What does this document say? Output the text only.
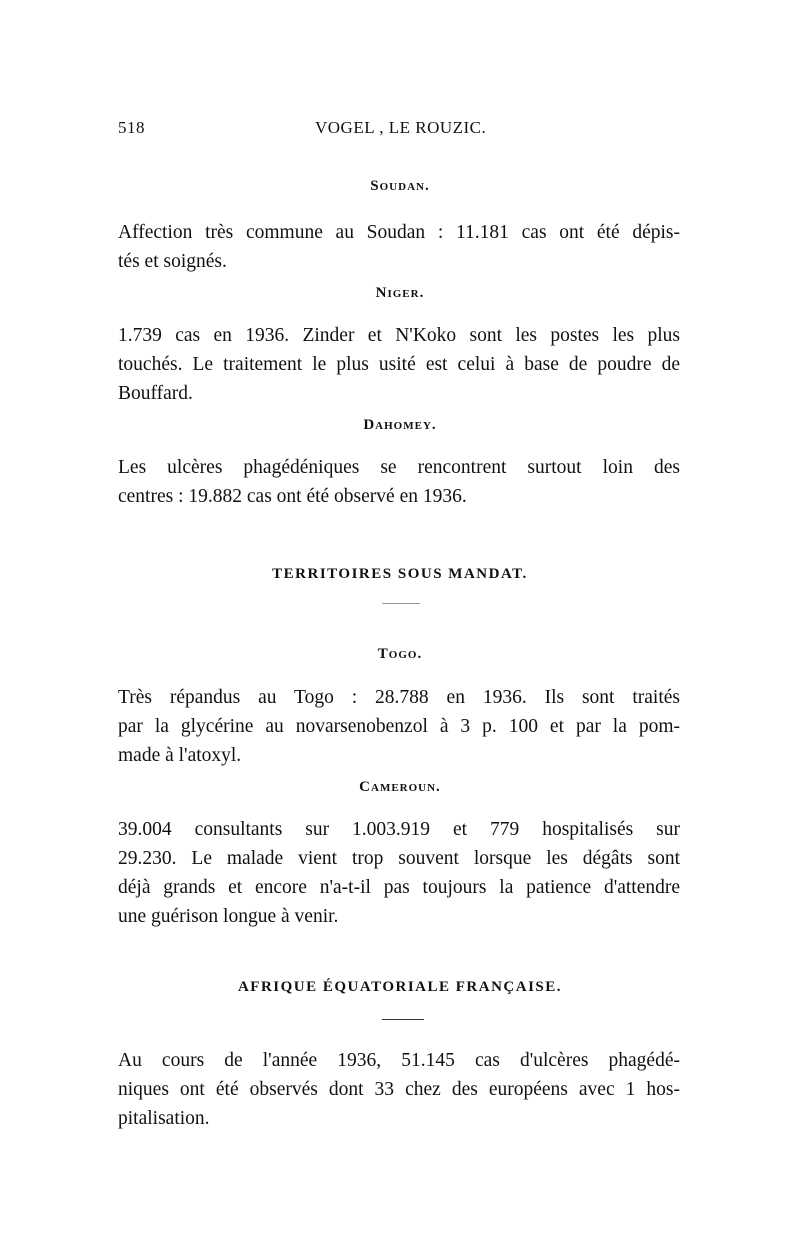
518	VOGEL , LE ROUZIC.
Soudan.
Affection très commune au Soudan : 11.181 cas ont été dépis-
tés et soignés.
Niger.
1.739 cas en 1936. Zinder et N'Koko sont les postes les plus
touchés. Le traitement le plus usité est celui à base de poudre de
Bouffard.
Dahomey.
Les ulcères phagédéniques se rencontrent surtout loin des
centres : 19.882 cas ont été observé en 1936.
TERRITOIRES SOUS MANDAT.
Togo.
Très répandus au Togo : 28.788 en 1936. Ils sont traités
par la glycérine au novarsenobenzol à 3 p. 100 et par la pom-
made à l'atoxyl.
Cameroun.
39.004 consultants sur 1.003.919 et 779 hospitalisés sur
29.230. Le malade vient trop souvent lorsque les dégâts sont
déjà grands et encore n'a-t-il pas toujours la patience d'attendre
une guérison longue à venir.
AFRIQUE ÉQUATORIALE FRANÇAISE.
Au cours de l'année 1936, 51.145 cas d'ulcères phagédé-
niques ont été observés dont 33 chez des européens avec 1 hos-
pitalisation.
